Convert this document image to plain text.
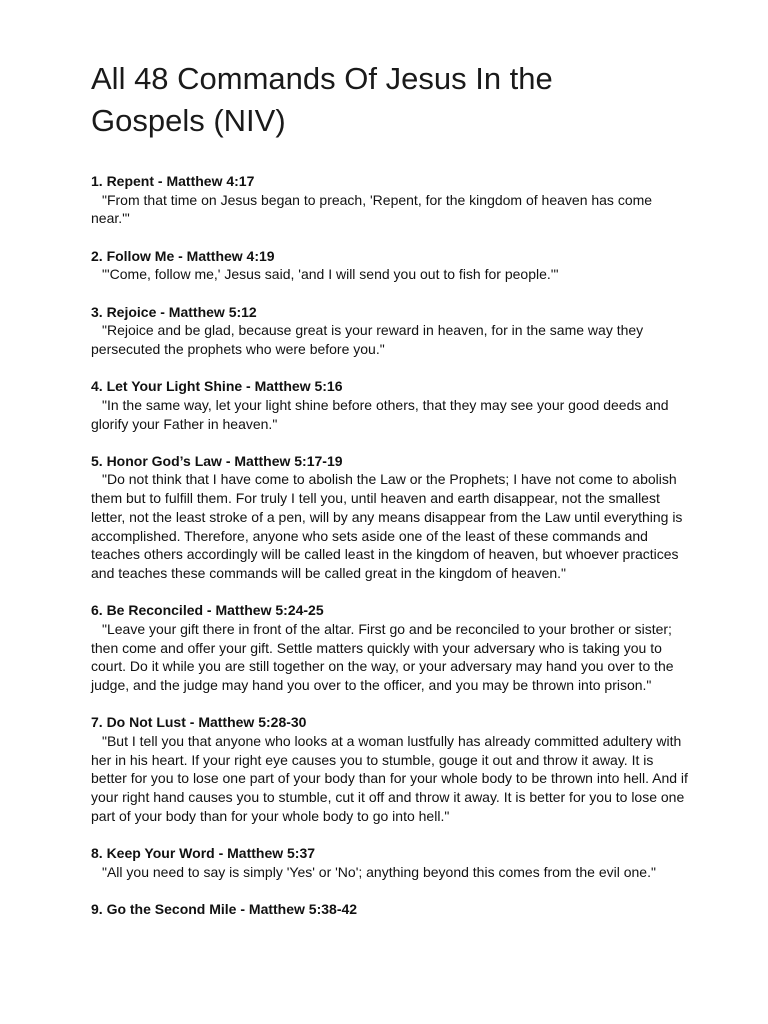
All 48 Commands Of Jesus In the Gospels (NIV)

1. Repent - Matthew 4:17

"From that time on Jesus began to preach, 'Repent, for the kingdom of heaven has come near.'"

2. Follow Me - Matthew 4:19

"'Come, follow me,' Jesus said, 'and I will send you out to fish for people.'"

3. Rejoice - Matthew 5:12

"Rejoice and be glad, because great is your reward in heaven, for in the same way they persecuted the prophets who were before you."

4. Let Your Light Shine - Matthew 5:16

"In the same way, let your light shine before others, that they may see your good deeds and glorify your Father in heaven."

5. Honor God’s Law - Matthew 5:17-19

"Do not think that I have come to abolish the Law or the Prophets; I have not come to abolish them but to fulfill them. For truly I tell you, until heaven and earth disappear, not the smallest letter, not the least stroke of a pen, will by any means disappear from the Law until everything is accomplished. Therefore, anyone who sets aside one of the least of these commands and teaches others accordingly will be called least in the kingdom of heaven, but whoever practices and teaches these commands will be called great in the kingdom of heaven."

6. Be Reconciled - Matthew 5:24-25

"Leave your gift there in front of the altar. First go and be reconciled to your brother or sister; then come and offer your gift. Settle matters quickly with your adversary who is taking you to court. Do it while you are still together on the way, or your adversary may hand you over to the judge, and the judge may hand you over to the officer, and you may be thrown into prison."

7. Do Not Lust - Matthew 5:28-30

"But I tell you that anyone who looks at a woman lustfully has already committed adultery with her in his heart. If your right eye causes you to stumble, gouge it out and throw it away. It is better for you to lose one part of your body than for your whole body to be thrown into hell. And if your right hand causes you to stumble, cut it off and throw it away. It is better for you to lose one part of your body than for your whole body to go into hell."

8. Keep Your Word - Matthew 5:37

"All you need to say is simply 'Yes' or 'No'; anything beyond this comes from the evil one."

9. Go the Second Mile - Matthew 5:38-42
